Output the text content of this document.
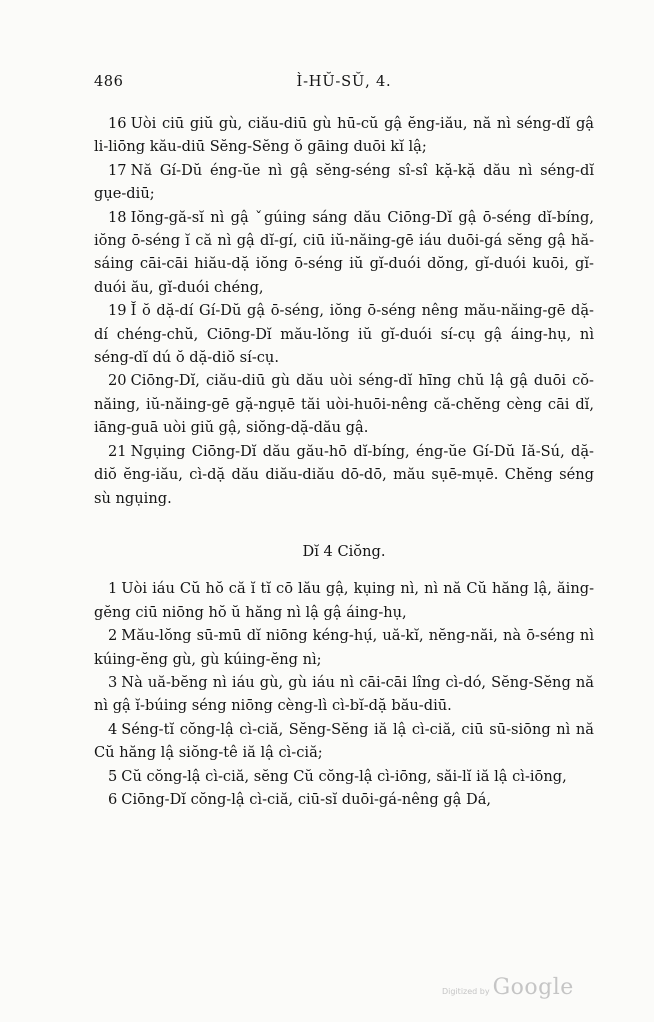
486	Ì-HŬ-SŬ, 4.

16 Uòi ciū giŭ gù, ciău-diū gù hū-cŭ gậ ĕng-iău, nă nì séng-dĭ gậ li-liōng kău-diū Sĕng-Sĕng ŏ gāing duōi kĭ lậ;

17 Nă Gí-Dŭ éng-ŭe nì gậ sĕng-séng sî-sî kặ-kặ dău nì séng-dĭ gụe-diū;

18 Iŏng-gă-sĭ nì gậ ˇgúing sáng dău Ciōng-Dĭ gậ ō-séng dĭ-bíng, iŏng ō-séng ĭ că nì gậ dĭ-gí, ciū iŭ-năing-gē iáu duōi-gá sĕng gậ hă-sáing cāi-cāi hiău-dặ iŏng ō-séng iŭ gĭ-duói dŏng, gĭ-duói kuōi, gĭ-duói ău, gĭ-duói chéng,

19 Ĭ ŏ dặ-dí Gí-Dŭ gậ ō-séng, iŏng ō-séng nêng mău-năing-gē dặ-dí chéng-chŭ, Ciōng-Dĭ mău-lŏng iŭ gĭ-duói sí-cụ gậ áing-hụ, nì séng-dĭ dú ŏ dặ-diŏ sí-cụ.

20 Ciōng-Dĭ, ciău-diū gù dău uòi séng-dĭ hīng chŭ lậ gậ duōi cŏ-năing, iŭ-năing-gē gặ-ngụē tăi uòi-huōi-nêng că-chĕng cèng cāi dĭ, iāng-guā uòi giŭ gậ, siŏng-dặ-dău gậ.

21 Ngụing Ciōng-Dĭ dău gău-hō dĭ-bíng, éng-ŭe Gí-Dŭ Iă-Sú, dặ-diŏ ĕng-iău, cì-dặ dău diău-diău dō-dō, mău sụē-mụē. Chĕng séng sù ngụing.

Dĭ 4 Ciŏng.

1 Uòi iáu Cŭ hŏ că ĭ tĭ cō lău gậ, kụing nì, nì nă Cŭ hăng lậ, ăing-gĕng ciū niōng hŏ ŭ hăng nì lậ gậ áing-hụ,

2 Mău-lŏng sū-mū dĭ niōng kéng-hụ́, uă-kĭ, nĕng-năi, nà ō-séng nì kúing-ĕng gù, gù kúing-ĕng nì;

3 Nà uă-bĕng nì iáu gù, gù iáu nì cāi-cāi lîng cì-dó, Sĕng-Sĕng nă nì gậ ĭ-búing séng niōng cèng-lì cì-bĭ-dặ bău-diū.

4 Séng-tĭ cŏng-lậ cì-ciă, Sĕng-Sĕng iă lậ cì-ciă, ciū sū-siōng nì nă Cŭ hăng lậ siŏng-tê iă lậ cì-ciă;

5 Cŭ cŏng-lậ cì-ciă, sĕng Cŭ cŏng-lậ cì-iōng, săi-lĭ iă lậ cì-iōng,

6 Ciōng-Dĭ cŏng-lậ cì-ciă, ciū-sĭ duōi-gá-nêng gậ Dá,

Digitized by Google
